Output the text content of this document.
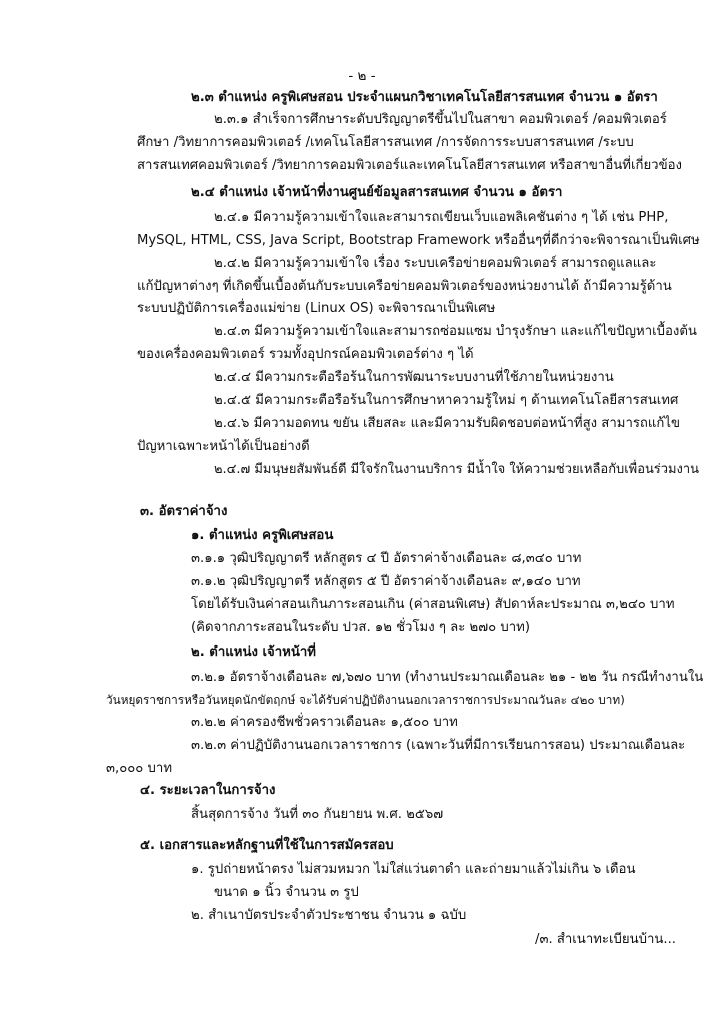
- ๒ -
๒.๓ ตำแหน่ง ครูพิเศษสอน ประจำแผนกวิชาเทคโนโลยีสารสนเทศ จำนวน ๑ อัตรา
๒.๓.๑ สำเร็จการศึกษาระดับปริญญาตรีขึ้นไปในสาขา คอมพิวเตอร์ /คอมพิวเตอร์
ศึกษา /วิทยาการคอมพิวเตอร์ /เทคโนโลยีสารสนเทศ /การจัดการระบบสารสนเทศ /ระบบ
สารสนเทศคอมพิวเตอร์ /วิทยาการคอมพิวเตอร์และเทคโนโลยีสารสนเทศ หรือสาขาอื่นที่เกี่ยวข้อง
๒.๔ ตำแหน่ง เจ้าหน้าที่งานศูนย์ข้อมูลสารสนเทศ จำนวน ๑ อัตรา
๒.๔.๑ มีความรู้ความเข้าใจและสามารถเขียนเว็บแอพลิเคชันต่าง ๆ ได้ เช่น PHP,
MySQL, HTML, CSS, Java Script, Bootstrap Framework หรืออื่นๆที่ดีกว่าจะพิจารณาเป็นพิเศษ
๒.๔.๒ มีความรู้ความเข้าใจ เรื่อง ระบบเครือข่ายคอมพิวเตอร์ สามารถดูแลและ
แก้ปัญหาต่างๆ ที่เกิดขึ้นเบื้องต้นกับระบบเครือข่ายคอมพิวเตอร์ของหน่วยงานได้ ถ้ามีความรู้ด้าน
ระบบปฏิบัติการเครื่องแม่ข่าย (Linux OS) จะพิจารณาเป็นพิเศษ
๒.๔.๓ มีความรู้ความเข้าใจและสามารถซ่อมแซม บำรุงรักษา และแก้ไขปัญหาเบื้องต้น
ของเครื่องคอมพิวเตอร์ รวมทั้งอุปกรณ์คอมพิวเตอร์ต่าง ๆ ได้
๒.๔.๔ มีความกระตือรือร้นในการพัฒนาระบบงานที่ใช้ภายในหน่วยงาน
๒.๔.๕ มีความกระตือรือร้นในการศึกษาหาความรู้ใหม่ ๆ ด้านเทคโนโลยีสารสนเทศ
๒.๔.๖ มีความอดทน ขยัน เสียสละ และมีความรับผิดชอบต่อหน้าที่สูง สามารถแก้ไข
ปัญหาเฉพาะหน้าได้เป็นอย่างดี
๒.๔.๗ มีมนุษยสัมพันธ์ดี มีใจรักในงานบริการ มีน้ำใจ ให้ความช่วยเหลือกับเพื่อนร่วมงาน
๓. อัตราค่าจ้าง
๑. ตำแหน่ง ครูพิเศษสอน
๓.๑.๑ วุฒิปริญญาตรี หลักสูตร ๔ ปี อัตราค่าจ้างเดือนละ ๘,๓๔๐ บาท
๓.๑.๒ วุฒิปริญญาตรี หลักสูตร ๕ ปี อัตราค่าจ้างเดือนละ ๙,๑๔๐ บาท
โดยได้รับเงินค่าสอนเกินภาระสอนเกิน (ค่าสอนพิเศษ) สัปดาห์ละประมาณ ๓,๒๔๐ บาท
(คิดจากภาระสอนในระดับ ปวส. ๑๒ ชั่วโมง ๆ ละ ๒๗๐ บาท)
๒. ตำแหน่ง เจ้าหน้าที่
๓.๒.๑ อัตราจ้างเดือนละ ๗,๖๗๐ บาท (ทำงานประมาณเดือนละ ๒๑ - ๒๒ วัน กรณีทำงานใน
วันหยุดราชการหรือวันหยุดนักขัตฤกษ์ จะได้รับค่าปฏิบัติงานนอกเวลาราชการประมาณวันละ ๔๒๐ บาท)
๓.๒.๒ ค่าครองชีพชั่วคราวเดือนละ ๑,๕๐๐ บาท
๓.๒.๓ ค่าปฏิบัติงานนอกเวลาราชการ (เฉพาะวันที่มีการเรียนการสอน) ประมาณเดือนละ
๓,๐๐๐ บาท
๔. ระยะเวลาในการจ้าง
สิ้นสุดการจ้าง วันที่ ๓๐ กันยายน พ.ศ. ๒๕๖๗
๕. เอกสารและหลักฐานที่ใช้ในการสมัครสอบ
๑. รูปถ่ายหน้าตรง ไม่สวมหมวก ไม่ใส่แว่นตาดำ และถ่ายมาแล้วไม่เกิน ๖ เดือน
ขนาด ๑ นิ้ว จำนวน ๓ รูป
๒. สำเนาบัตรประจำตัวประชาชน จำนวน ๑ ฉบับ
/๓. สำเนาทะเบียนบ้าน...
